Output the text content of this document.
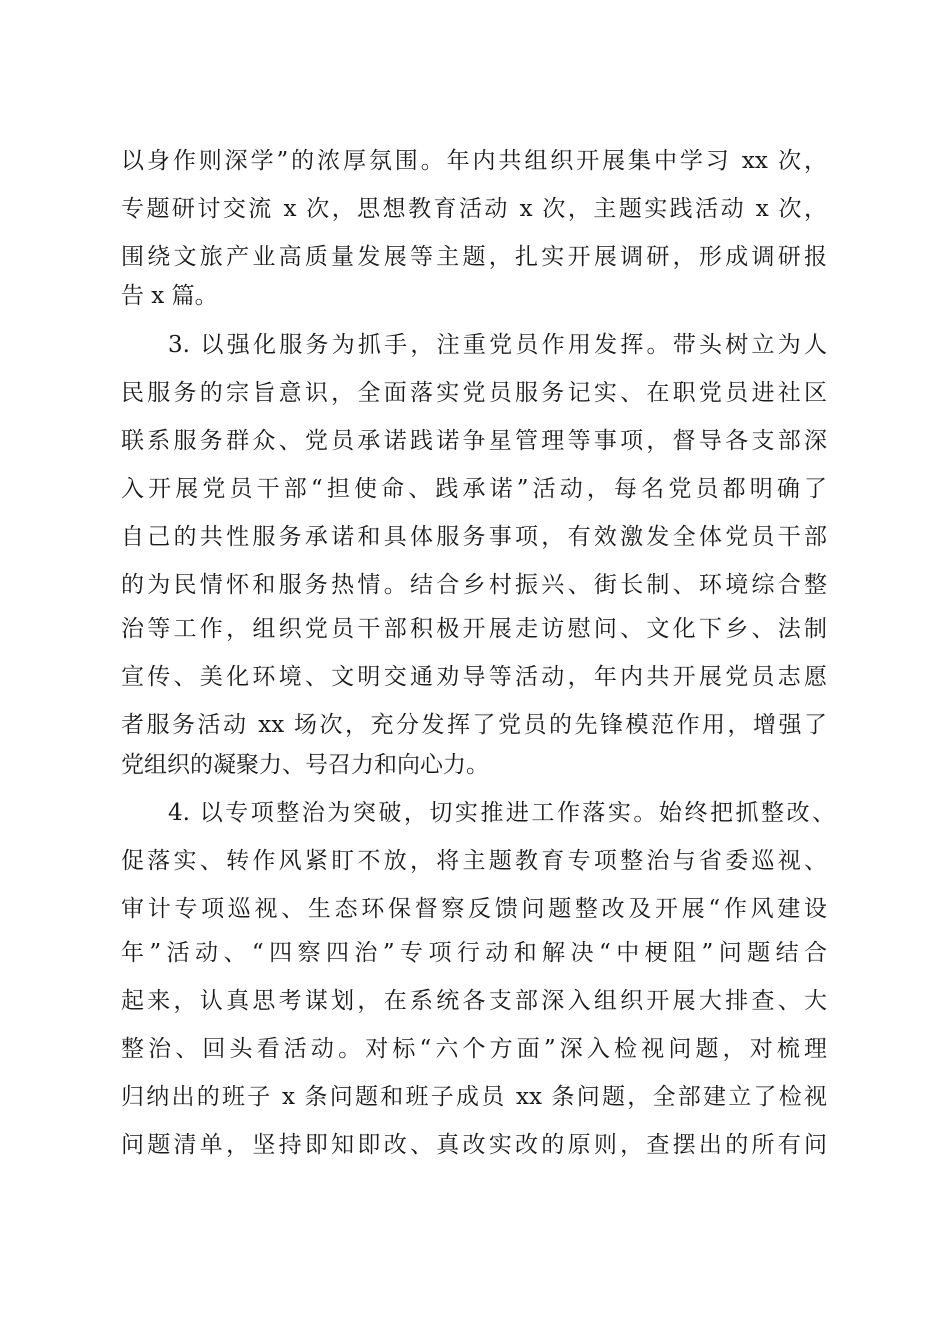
以身作则深学”的浓厚氛围。年内共组织开展集中学习 xx 次，

专题研讨交流 x 次，思想教育活动 x 次，主题实践活动 x 次，

围绕文旅产业高质量发展等主题，扎实开展调研，形成调研报

告 x 篇。

3. 以强化服务为抓手，注重党员作用发挥。带头树立为人

民服务的宗旨意识，全面落实党员服务记实、在职党员进社区

联系服务群众、党员承诺践诺争星管理等事项，督导各支部深

入开展党员干部“担使命、践承诺”活动，每名党员都明确了

自己的共性服务承诺和具体服务事项，有效激发全体党员干部

的为民情怀和服务热情。结合乡村振兴、街长制、环境综合整

治等工作，组织党员干部积极开展走访慰问、文化下乡、法制

宣传、美化环境、文明交通劝导等活动，年内共开展党员志愿

者服务活动 xx 场次，充分发挥了党员的先锋模范作用，增强了

党组织的凝聚力、号召力和向心力。

4. 以专项整治为突破，切实推进工作落实。始终把抓整改、

促落实、转作风紧盯不放，将主题教育专项整治与省委巡视、

审计专项巡视、生态环保督察反馈问题整改及开展“作风建设

年”活动、“四察四治”专项行动和解决“中梗阻”问题结合

起来，认真思考谋划，在系统各支部深入组织开展大排查、大

整治、回头看活动。对标“六个方面”深入检视问题，对梳理

归纳出的班子 x 条问题和班子成员 xx 条问题，全部建立了检视

问题清单，坚持即知即改、真改实改的原则，查摆出的所有问
